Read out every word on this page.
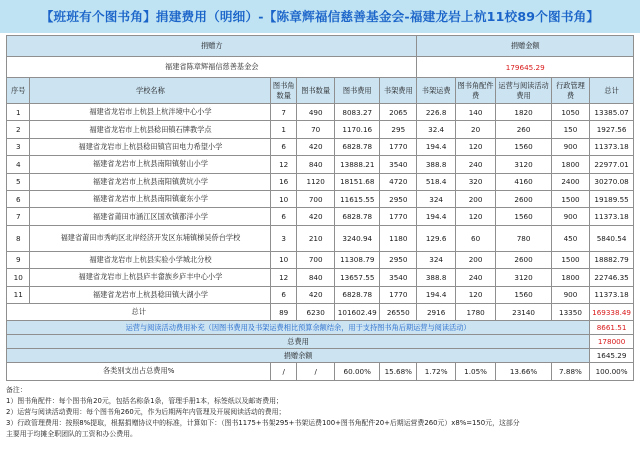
【班班有个图书角】捐建费用（明细）-【陈章辉福信慈善基金会-福建龙岩上杭11校89个图书角】
捐赠方						捐赠金额				
福建省陈章辉福信慈善基金会						179645.29				
序号	学校名称	图书角数量	图书数量	图书费用	书架费用	书架运费	图书角配件费	运营与阅读活动费用	行政管理费	总计
1	福建省龙岩市上杭县上杭泮境中心小学	7	490	8083.27	2065	226.8	140	1820	1050	13385.07
2	福建省龙岩市上杭县稔田镇石牌教学点	1	70	1170.16	295	32.4	20	260	150	1927.56
3	福建省龙岩市上杭县稔田镇官田电力希望小学	6	420	6828.78	1770	194.4	120	1560	900	11373.18
4	福建省龙岩市上杭县南阳镇射山小学	12	840	13888.21	3540	388.8	240	3120	1800	22977.01
5	福建省龙岩市上杭县南阳镇黄坑小学	16	1120	18151.68	4720	518.4	320	4160	2400	30270.08
6	福建省龙岩市上杭县南阳镇豪东小学	10	700	11615.55	2950	324	200	2600	1500	19189.55
7	福建省莆田市涵江区国欢镇都洋小学	6	420	6828.78	1770	194.4	120	1560	900	11373.18
8	福建省莆田市秀屿区北岸经济开发区东埔镇梯吴侨台学校	3	210	3240.94	1180	129.6	60	780	450	5840.54
9	福建省龙岩市上杭县实验小学城北分校	10	700	11308.79	2950	324	200	2600	1500	18882.79
10	福建省龙岩市上杭县庐丰畲族乡庐丰中心小学	12	840	13657.55	3540	388.8	240	3120	1800	22746.35
11	福建省龙岩市上杭县稔田镇大湖小学	6	420	6828.78	1770	194.4	120	1560	900	11373.18
总计		89	6230	101602.49	26550	2916	1780	23140	13350	169338.49
运营与阅读活动费用补充（因图书费用及书架运费相比预算余额结余，用于支持图书角后期运营与阅读活动）										8661.51
总费用										178000
捐赠余额										1645.29
各类别支出占总费用%		/	/	60.00%	15.68%	1.72%	1.05%	13.66%	7.88%	100.00%
备注：
1）图书角配件：每个图书角20元，包括名称条1条，管理手册1本，标签纸以及邮寄费用；
2）运营与阅读活动费用：每个图书角260元，作为后期两年内管理及开展阅读活动的费用；
3）行政管理费用：按照8%提取，根据捐赠协议中的标准，计算如下：（图书1175+书架295+书架运费100+图书角配件20+后期运营费260元）x8%=150元，这部分
主要用于均摊全职团队的工资和办公费用。
